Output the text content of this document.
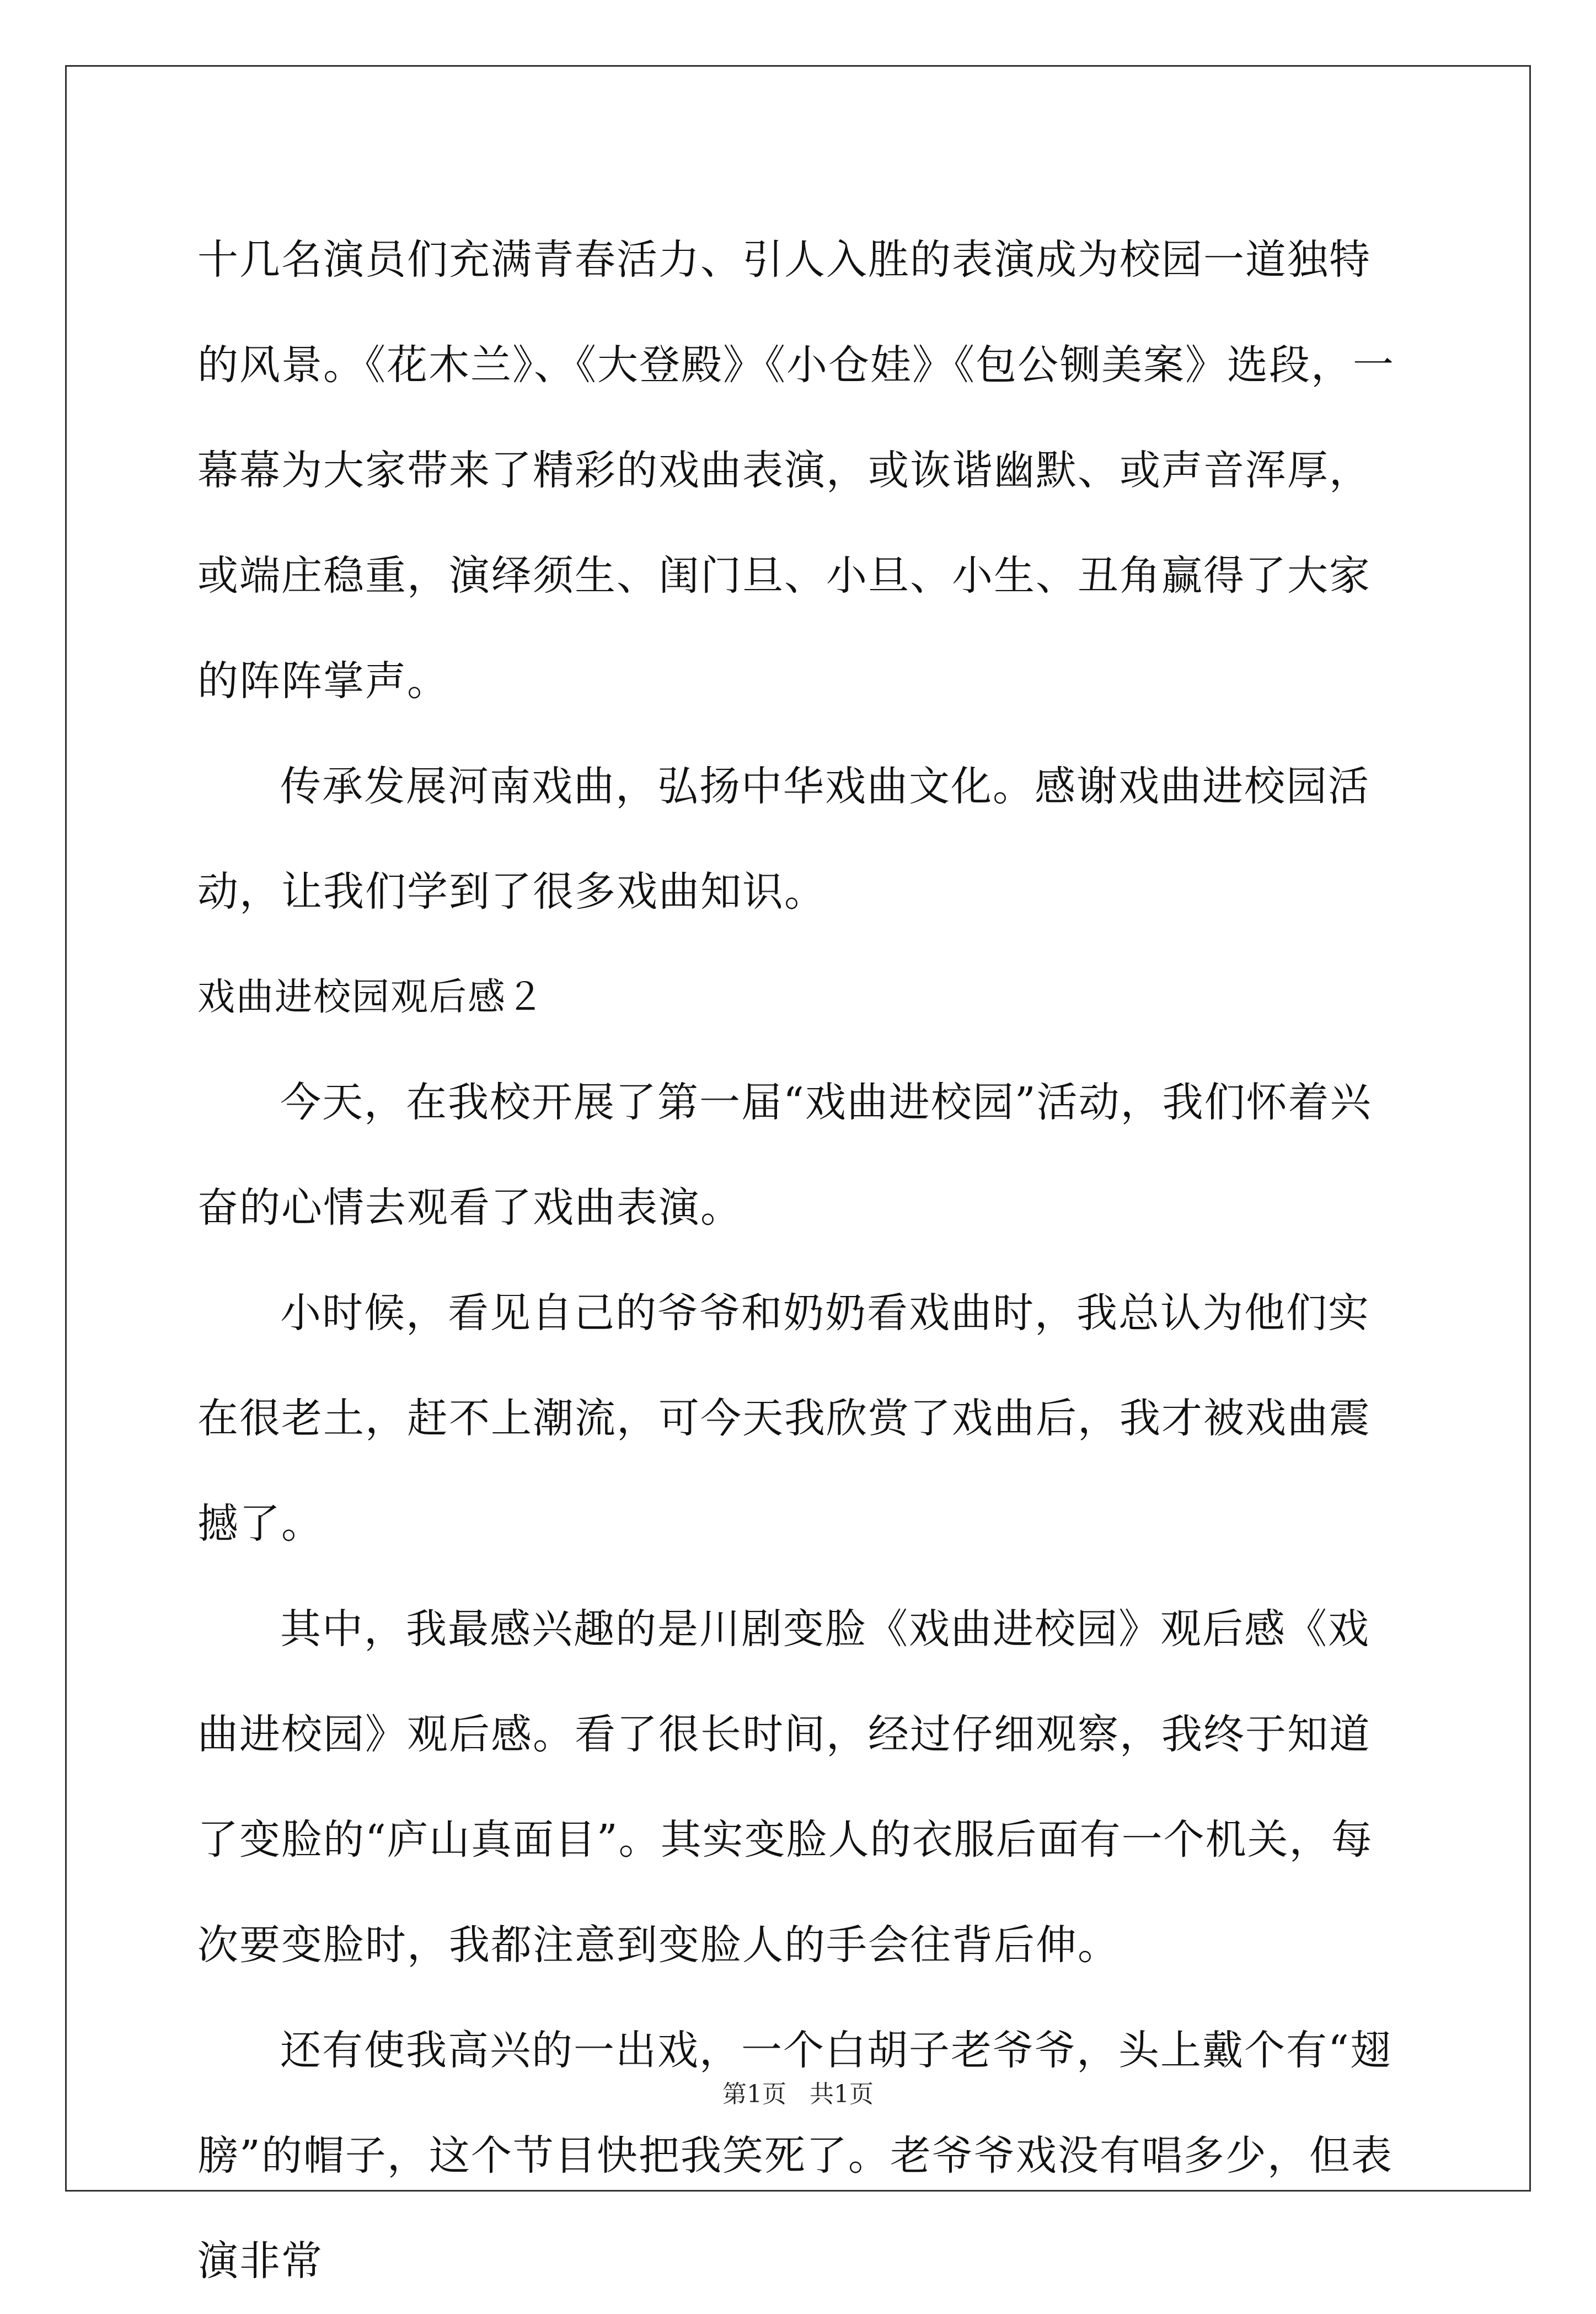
十几名演员们充满青春活力、引人入胜的表演成为校园一道独特的风景。《花木兰》、《大登殿》《小仓娃》《包公铡美案》选段，一幕幕为大家带来了精彩的戏曲表演，或诙谐幽默、或声音浑厚，或端庄稳重，演绎须生、闺门旦、小旦、小生、丑角赢得了大家的阵阵掌声。

传承发展河南戏曲，弘扬中华戏曲文化。感谢戏曲进校园活动，让我们学到了很多戏曲知识。

戏曲进校园观后感２

今天，在我校开展了第一届“戏曲进校园”活动，我们怀着兴奋的心情去观看了戏曲表演。

小时候，看见自己的爷爷和奶奶看戏曲时，我总认为他们实在很老土，赶不上潮流，可今天我欣赏了戏曲后，我才被戏曲震撼了。

其中，我最感兴趣的是川剧变脸《戏曲进校园》观后感《戏曲进校园》观后感。看了很长时间，经过仔细观察，我终于知道了变脸的“庐山真面目”。其实变脸人的衣服后面有一个机关，每次要变脸时，我都注意到变脸人的手会往背后伸。

还有使我高兴的一出戏，一个白胡子老爷爷，头上戴个有“翅膀”的帽子，这个节目快把我笑死了。老爷爷戏没有唱多少，但表演非常

第1页 共1页
